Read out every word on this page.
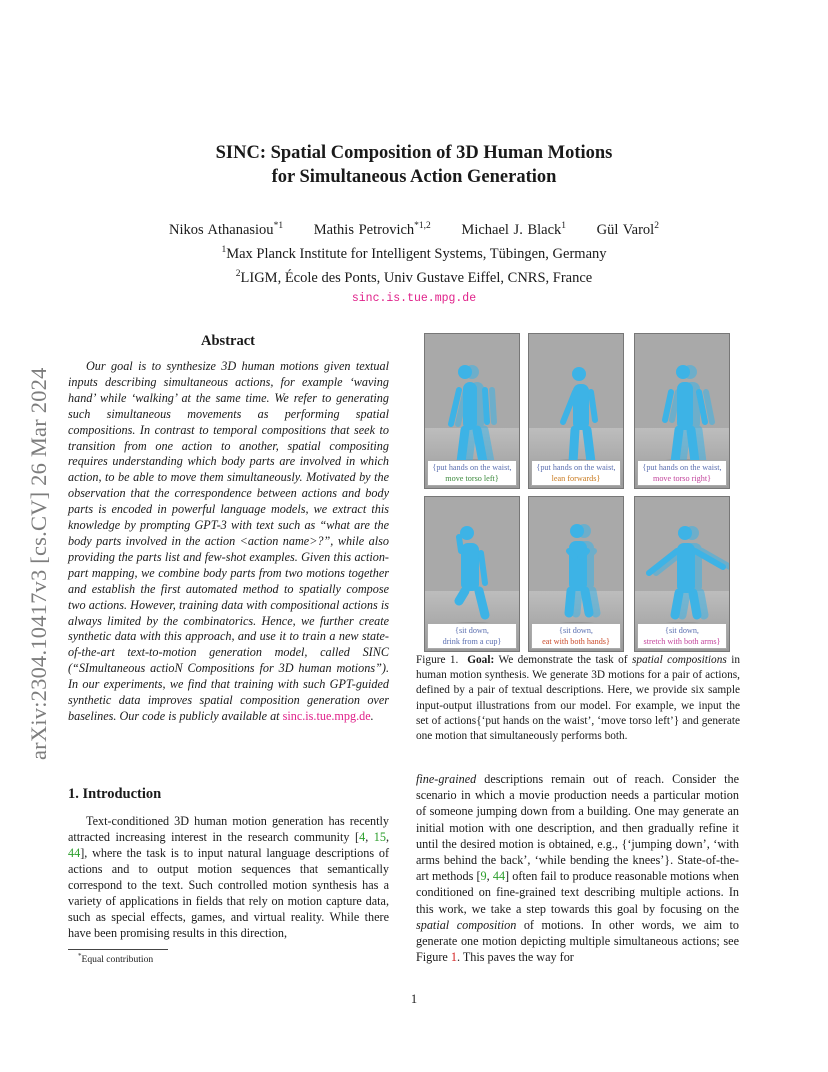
arXiv:2304.10417v3 [cs.CV] 26 Mar 2024
SINC: Spatial Composition of 3D Human Motions
for Simultaneous Action Generation
Nikos Athanasiou$^{*1}$ Mathis Petrovich$^{*1,2}$ Michael J. Black$^1$ Gül Varol$^2$
$^1$Max Planck Institute for Intelligent Systems, Tübingen, Germany
$^2$LIGM, École des Ponts, Univ Gustave Eiffel, CNRS, France
sinc.is.tue.mpg.de
Abstract
Our goal is to synthesize 3D human motions given textual inputs describing simultaneous actions, for example ‘waving hand’ while ‘walking’ at the same time. We refer to generating such simultaneous movements as performing spatial compositions. In contrast to temporal compositions that seek to transition from one action to another, spatial compositing requires understanding which body parts are involved in which action, to be able to move them simultaneously. Motivated by the observation that the correspondence between actions and body parts is encoded in powerful language models, we extract this knowledge by prompting GPT-3 with text such as “what are the body parts involved in the action <action name>?”, while also providing the parts list and few-shot examples. Given this action-part mapping, we combine body parts from two motions together and establish the first automated method to spatially compose two actions. However, training data with compositional actions is always limited by the combinatorics. Hence, we further create synthetic data with this approach, and use it to train a new state-of-the-art text-to-motion generation model, called SINC (“SImultaneous actioN Compositions for 3D human motions”). In our experiments, we find that training with such GPT-guided synthetic data improves spatial composition generation over baselines. Our code is publicly available at sinc.is.tue.mpg.de.
{put hands on the waist,
move torso left}
{put hands on the waist,
lean forwards}
{put hands on the waist,
move torso right}
{sit down,
drink from a cup}
{sit down,
eat with both hands}
{sit down,
stretch with both arms}
Figure 1. Goal: We demonstrate the task of spatial compositions in human motion synthesis. We generate 3D motions for a pair of actions, defined by a pair of textual descriptions. Here, we provide six sample input-output illustrations from our model. For example, we input the set of actions{‘put hands on the waist’, ‘move torso left’} and generate one motion that simultaneously performs both.
1. Introduction
Text-conditioned 3D human motion generation has recently attracted increasing interest in the research community [4, 15, 44], where the task is to input natural language descriptions of actions and to output motion sequences that semantically correspond to the text. Such controlled motion synthesis has a variety of applications in fields that rely on motion capture data, such as special effects, games, and virtual reality. While there have been promising results in this direction,
fine-grained descriptions remain out of reach. Consider the scenario in which a movie production needs a particular motion of someone jumping down from a building. One may generate an initial motion with one description, and then gradually refine it until the desired motion is obtained, e.g., {‘jumping down’, ‘with arms behind the back’, ‘while bending the knees’}. State-of-the-art methods [9, 44] often fail to produce reasonable motions when conditioned on fine-grained text describing multiple actions. In this work, we take a step towards this goal by focusing on the spatial composition of motions. In other words, we aim to generate one motion depicting multiple simultaneous actions; see Figure 1. This paves the way for
*Equal contribution
1
